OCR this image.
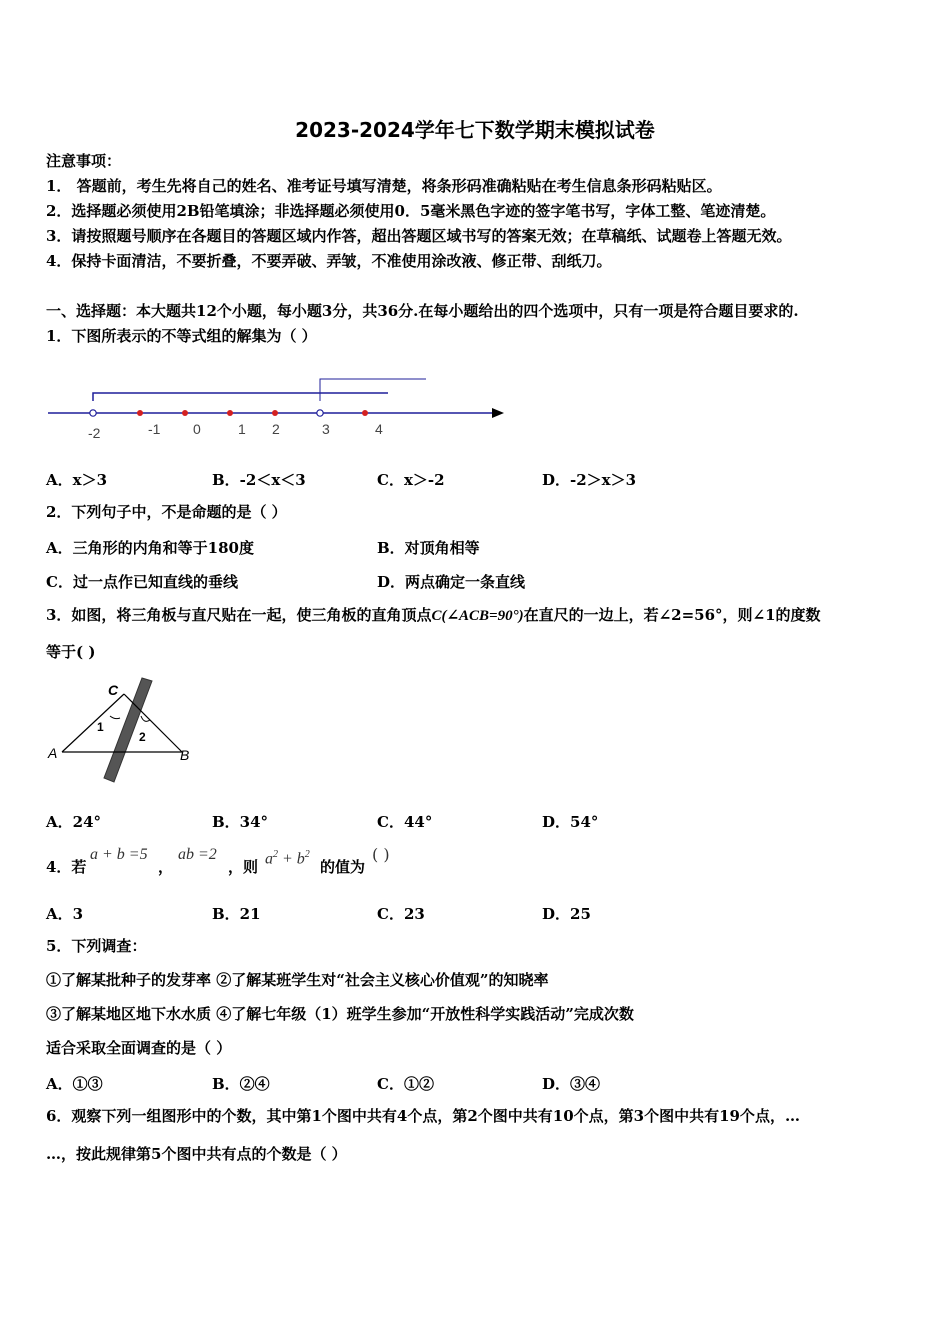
2023-2024学年七下数学期末模拟试卷
注意事项：
1． 答题前，考生先将自己的姓名、准考证号填写清楚，将条形码准确粘贴在考生信息条形码粘贴区。
2．选择题必须使用2B铅笔填涂；非选择题必须使用0．5毫米黑色字迹的签字笔书写，字体工整、笔迹清楚。
3．请按照题号顺序在各题目的答题区域内作答，超出答题区域书写的答案无效；在草稿纸、试题卷上答题无效。
4．保持卡面清洁，不要折叠，不要弄破、弄皱，不准使用涂改液、修正带、刮纸刀。
一、选择题：本大题共12个小题，每小题3分，共36分.在每小题给出的四个选项中，只有一项是符合题目要求的.
1．下图所表示的不等式组的解集为（ ）
-2	-1 0	1 2	3	4
A．x＞3	B．-2＜x＜3	C．x＞-2	D．-2＞x＞3
2．下列句子中，不是命题的是（ ）
A．三角形的内角和等于180度	B．对顶角相等
C．过一点作已知直线的垂线	D．两点确定一条直线
3．如图，将三角板与直尺贴在一起，使三角板的直角顶点C(∠ACB=90°)在直尺的一边上，若∠2=56°，则∠1的度数
等于( )
C
A	B
1
2
A．24°	B．34°	C．44°	D．54°
4．若
a + b =5
，
ab =2
，则 $a^2 + b^2$
的值为
( )
A．3	B．21	C．23	D．25
5．下列调查：
①了解某批种子的发芽率 ②了解某班学生对“社会主义核心价值观”的知晓率
③了解某地区地下水水质 ④了解七年级（1）班学生参加“开放性科学实践活动”完成次数
适合采取全面调查的是（ ）
A．①③	B．②④	C．①②	D．③④
6．观察下列一组图形中的个数，其中第1个图中共有4个点，第2个图中共有10个点，第3个图中共有19个点，…
…，按此规律第5个图中共有点的个数是（ ）
